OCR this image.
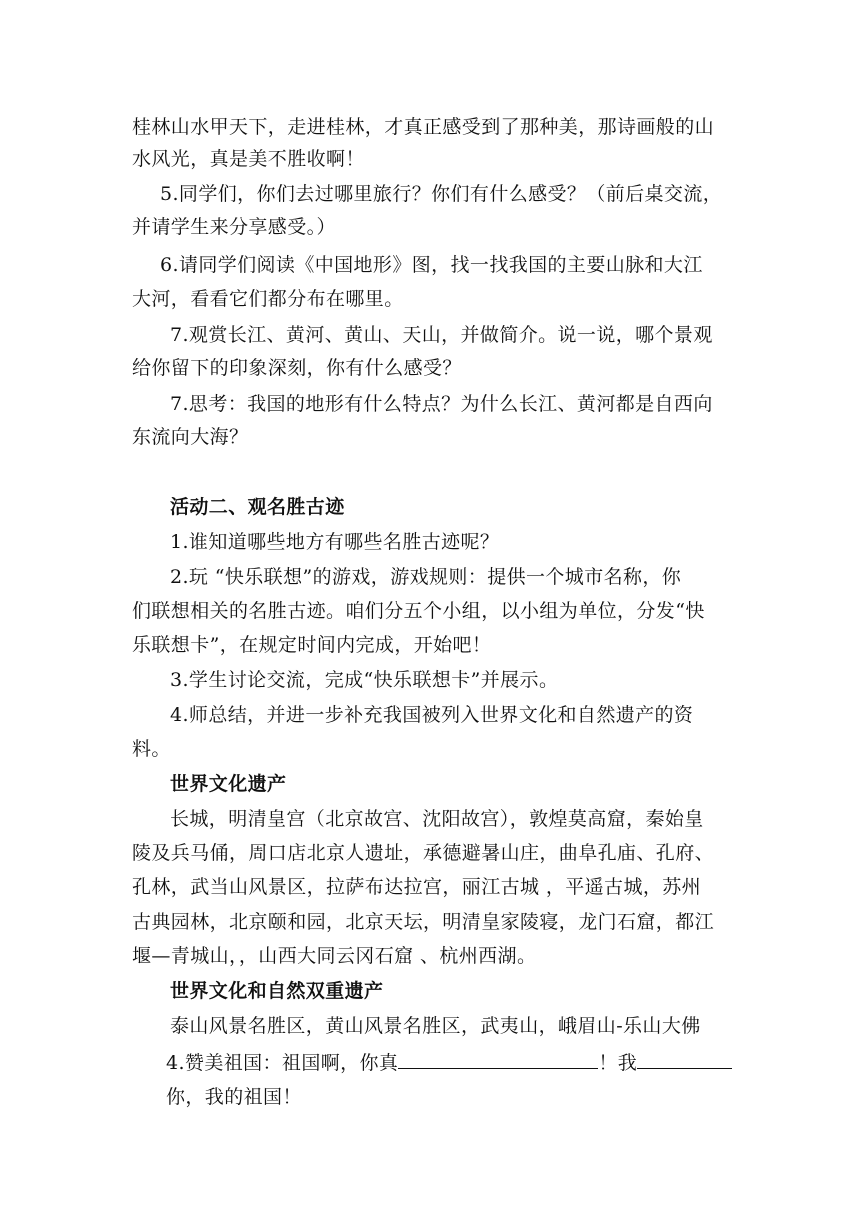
桂林山水甲天下，走进桂林，才真正感受到了那种美，那诗画般的山
水风光，真是美不胜收啊！
5.同学们，你们去过哪里旅行？你们有什么感受？（前后桌交流，
并请学生来分享感受。）
6.请同学们阅读《中国地形》图，找一找我国的主要山脉和大江
大河，看看它们都分布在哪里。
7.观赏长江、黄河、黄山、天山，并做简介。说一说，哪个景观
给你留下的印象深刻，你有什么感受？
7.思考：我国的地形有什么特点？为什么长江、黄河都是自西向
东流向大海？
活动二、观名胜古迹
1.谁知道哪些地方有哪些名胜古迹呢？
2.玩 “快乐联想”的游戏，游戏规则：提供一个城市名称，你
们联想相关的名胜古迹。咱们分五个小组，以小组为单位，分发“快
乐联想卡”，在规定时间内完成，开始吧！
3.学生讨论交流，完成“快乐联想卡”并展示。
4.师总结，并进一步补充我国被列入世界文化和自然遗产的资
料。
世界文化遗产
长城，明清皇宫（北京故宫、沈阳故宫），敦煌莫高窟，秦始皇
陵及兵马俑，周口店北京人遗址，承德避暑山庄，曲阜孔庙、孔府、
孔林，武当山风景区，拉萨布达拉宫，丽江古城 ，平遥古城，苏州
古典园林，北京颐和园，北京天坛，明清皇家陵寝，龙门石窟，都江
堰—青城山，，山西大同云冈石窟 、杭州西湖。
世界文化和自然双重遗产
泰山风景名胜区，黄山风景名胜区，武夷山，峨眉山-乐山大佛
4.赞美祖国：祖国啊，你真	！我
你，我的祖国！
